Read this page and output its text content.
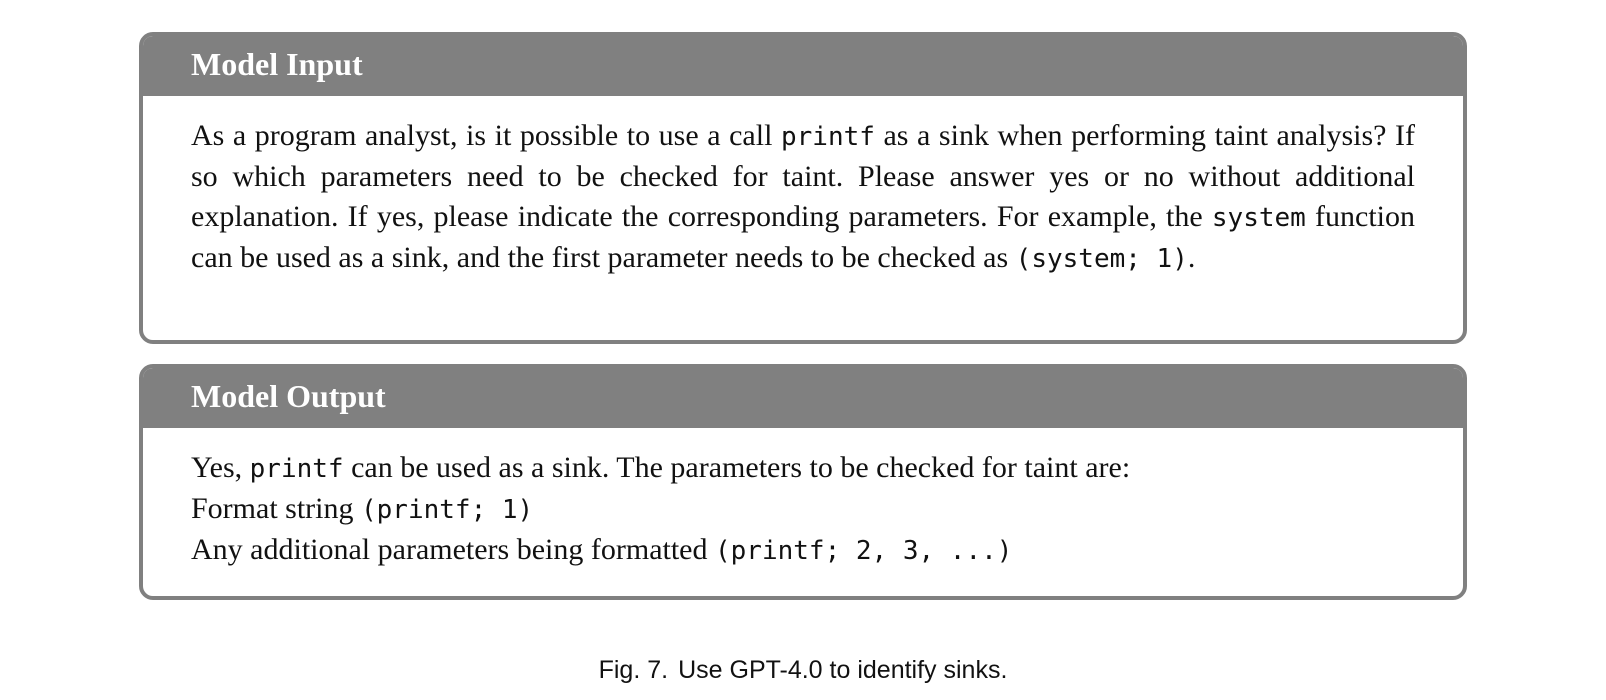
Model Input
As a program analyst, is it possible to use a call printf as a sink when performing taint analysis? If so which parameters need to be checked for taint. Please answer yes or no without additional explanation. If yes, please indicate the corresponding parameters. For example, the system function can be used as a sink, and the first parameter needs to be checked as (system; 1).
Model Output
Yes, printf can be used as a sink. The parameters to be checked for taint are:
Format string (printf; 1)
Any additional parameters being formatted (printf; 2, 3, ...)
Fig. 7. Use GPT-4.0 to identify sinks.
